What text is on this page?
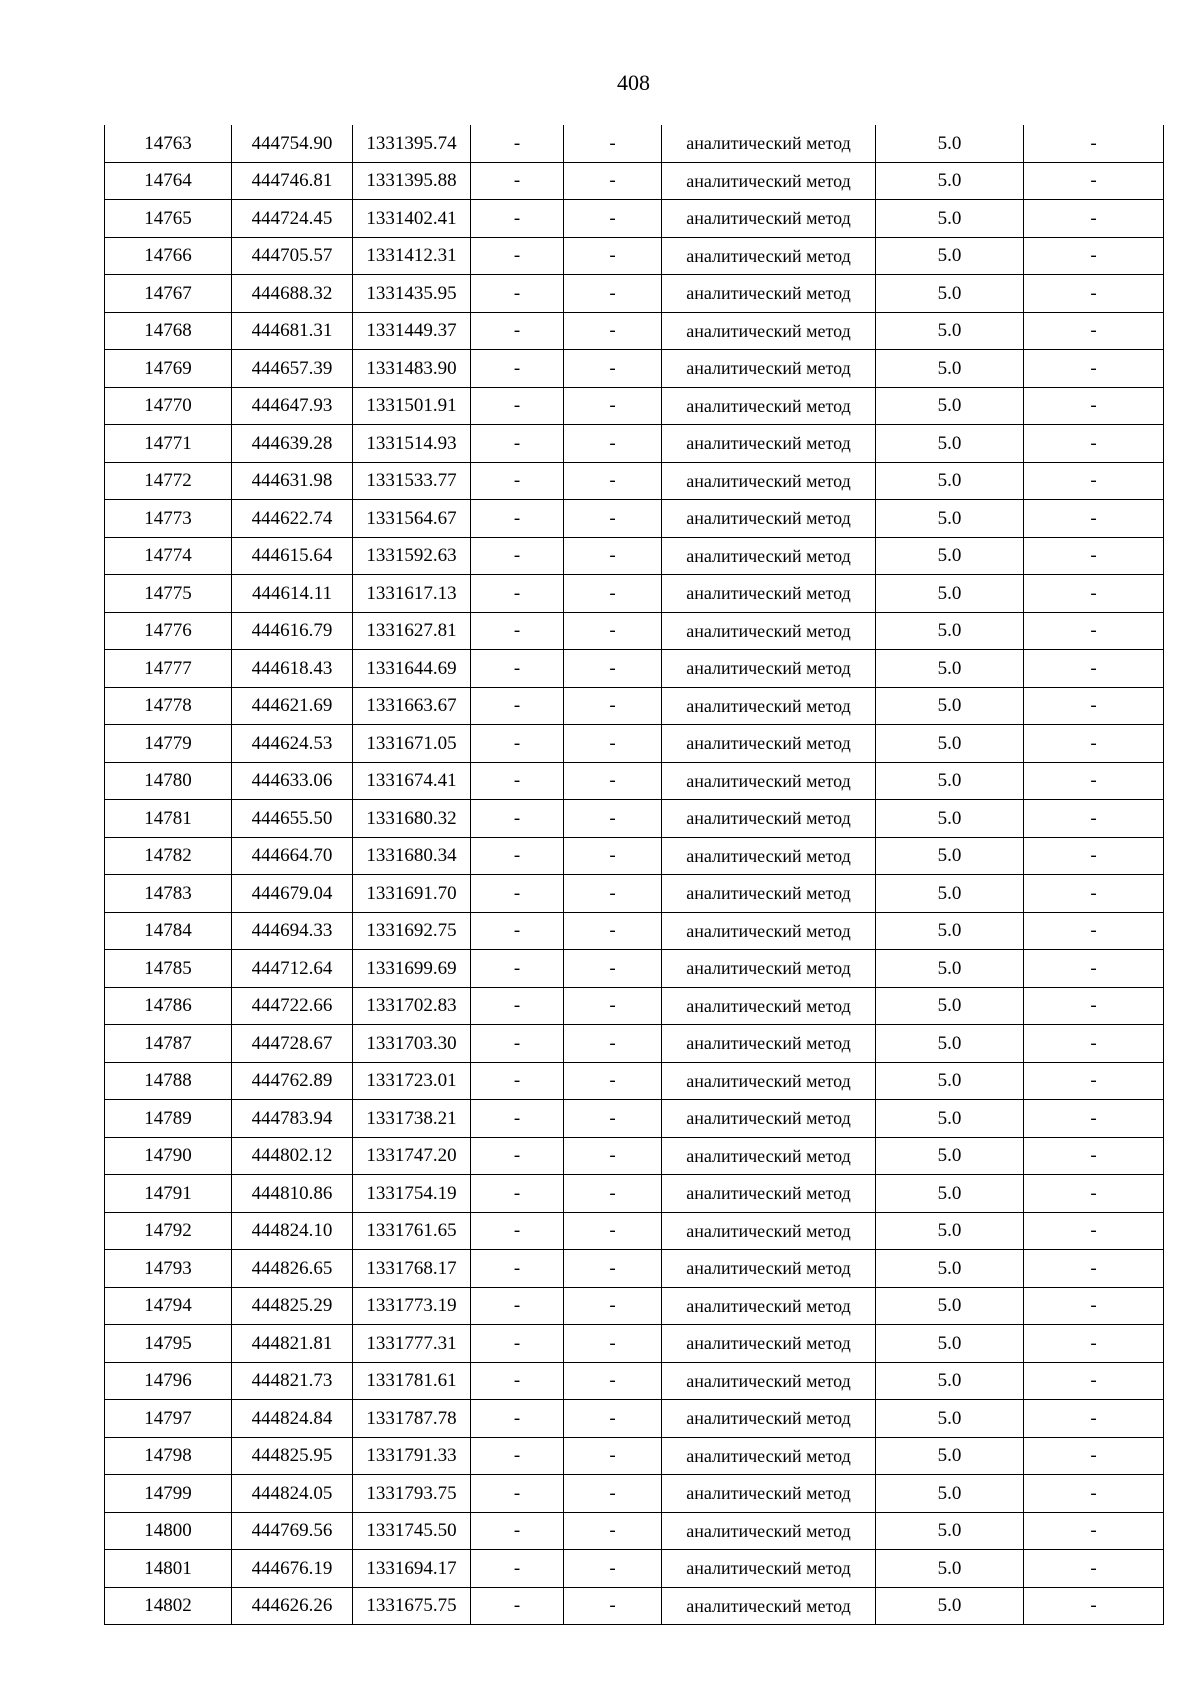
408
14763	444754.90	1331395.74	-	-	аналитический метод	5.0	-
14764	444746.81	1331395.88	-	-	аналитический метод	5.0	-
14765	444724.45	1331402.41	-	-	аналитический метод	5.0	-
14766	444705.57	1331412.31	-	-	аналитический метод	5.0	-
14767	444688.32	1331435.95	-	-	аналитический метод	5.0	-
14768	444681.31	1331449.37	-	-	аналитический метод	5.0	-
14769	444657.39	1331483.90	-	-	аналитический метод	5.0	-
14770	444647.93	1331501.91	-	-	аналитический метод	5.0	-
14771	444639.28	1331514.93	-	-	аналитический метод	5.0	-
14772	444631.98	1331533.77	-	-	аналитический метод	5.0	-
14773	444622.74	1331564.67	-	-	аналитический метод	5.0	-
14774	444615.64	1331592.63	-	-	аналитический метод	5.0	-
14775	444614.11	1331617.13	-	-	аналитический метод	5.0	-
14776	444616.79	1331627.81	-	-	аналитический метод	5.0	-
14777	444618.43	1331644.69	-	-	аналитический метод	5.0	-
14778	444621.69	1331663.67	-	-	аналитический метод	5.0	-
14779	444624.53	1331671.05	-	-	аналитический метод	5.0	-
14780	444633.06	1331674.41	-	-	аналитический метод	5.0	-
14781	444655.50	1331680.32	-	-	аналитический метод	5.0	-
14782	444664.70	1331680.34	-	-	аналитический метод	5.0	-
14783	444679.04	1331691.70	-	-	аналитический метод	5.0	-
14784	444694.33	1331692.75	-	-	аналитический метод	5.0	-
14785	444712.64	1331699.69	-	-	аналитический метод	5.0	-
14786	444722.66	1331702.83	-	-	аналитический метод	5.0	-
14787	444728.67	1331703.30	-	-	аналитический метод	5.0	-
14788	444762.89	1331723.01	-	-	аналитический метод	5.0	-
14789	444783.94	1331738.21	-	-	аналитический метод	5.0	-
14790	444802.12	1331747.20	-	-	аналитический метод	5.0	-
14791	444810.86	1331754.19	-	-	аналитический метод	5.0	-
14792	444824.10	1331761.65	-	-	аналитический метод	5.0	-
14793	444826.65	1331768.17	-	-	аналитический метод	5.0	-
14794	444825.29	1331773.19	-	-	аналитический метод	5.0	-
14795	444821.81	1331777.31	-	-	аналитический метод	5.0	-
14796	444821.73	1331781.61	-	-	аналитический метод	5.0	-
14797	444824.84	1331787.78	-	-	аналитический метод	5.0	-
14798	444825.95	1331791.33	-	-	аналитический метод	5.0	-
14799	444824.05	1331793.75	-	-	аналитический метод	5.0	-
14800	444769.56	1331745.50	-	-	аналитический метод	5.0	-
14801	444676.19	1331694.17	-	-	аналитический метод	5.0	-
14802	444626.26	1331675.75	-	-	аналитический метод	5.0	-
